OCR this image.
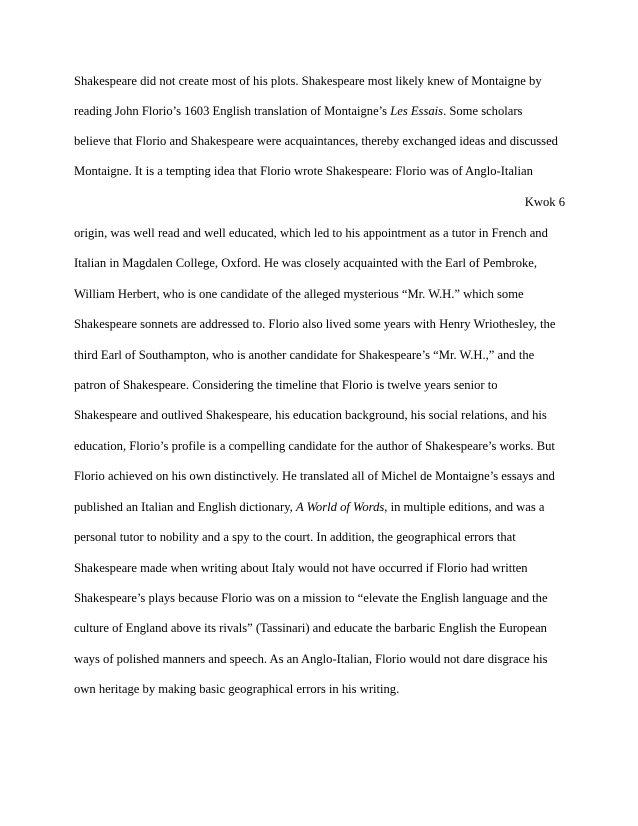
Shakespeare did not create most of his plots. Shakespeare most likely knew of Montaigne by
reading John Florio’s 1603 English translation of Montaigne’s Les Essais. Some scholars
believe that Florio and Shakespeare were acquaintances, thereby exchanged ideas and discussed
Montaigne. It is a tempting idea that Florio wrote Shakespeare: Florio was of Anglo-Italian
Kwok 6
origin, was well read and well educated, which led to his appointment as a tutor in French and
Italian in Magdalen College, Oxford. He was closely acquainted with the Earl of Pembroke,
William Herbert, who is one candidate of the alleged mysterious “Mr. W.H.” which some
Shakespeare sonnets are addressed to. Florio also lived some years with Henry Wriothesley, the
third Earl of Southampton, who is another candidate for Shakespeare’s “Mr. W.H.,” and the
patron of Shakespeare. Considering the timeline that Florio is twelve years senior to
Shakespeare and outlived Shakespeare, his education background, his social relations, and his
education, Florio’s profile is a compelling candidate for the author of Shakespeare’s works. But
Florio achieved on his own distinctively. He translated all of Michel de Montaigne’s essays and
published an Italian and English dictionary, A World of Words, in multiple editions, and was a
personal tutor to nobility and a spy to the court. In addition, the geographical errors that
Shakespeare made when writing about Italy would not have occurred if Florio had written
Shakespeare’s plays because Florio was on a mission to “elevate the English language and the
culture of England above its rivals” (Tassinari) and educate the barbaric English the European
ways of polished manners and speech. As an Anglo-Italian, Florio would not dare disgrace his
own heritage by making basic geographical errors in his writing.
